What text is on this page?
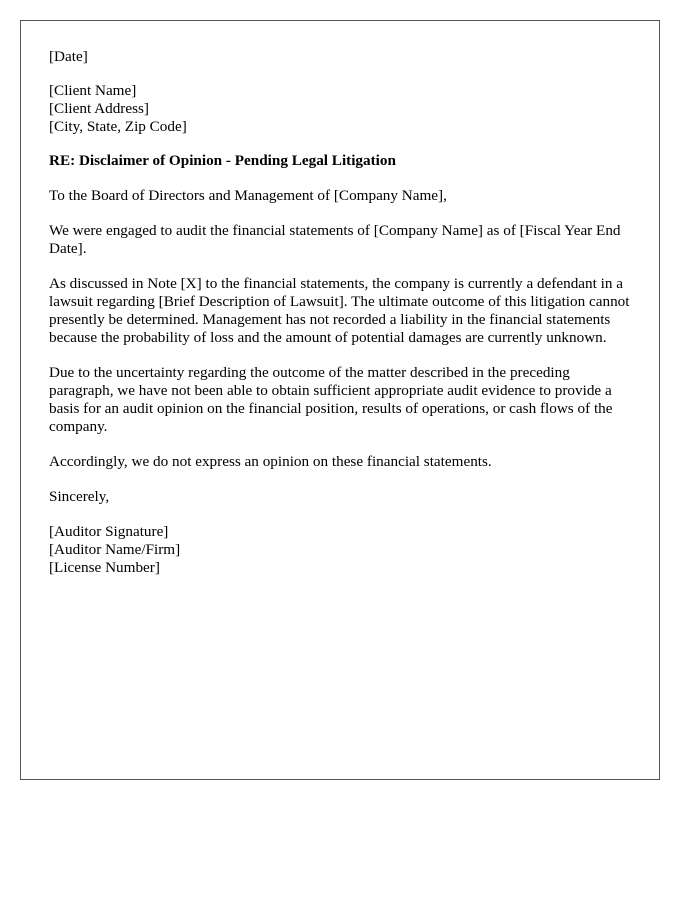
[Date]
[Client Name]
[Client Address]
[City, State, Zip Code]

RE: Disclaimer of Opinion - Pending Legal Litigation

To the Board of Directors and Management of [Company Name],

We were engaged to audit the financial statements of [Company Name] as of [Fiscal Year End Date].

As discussed in Note [X] to the financial statements, the company is currently a defendant in a lawsuit regarding [Brief Description of Lawsuit]. The ultimate outcome of this litigation cannot presently be determined. Management has not recorded a liability in the financial statements because the probability of loss and the amount of potential damages are currently unknown.

Due to the uncertainty regarding the outcome of the matter described in the preceding paragraph, we have not been able to obtain sufficient appropriate audit evidence to provide a basis for an audit opinion on the financial position, results of operations, or cash flows of the company.

Accordingly, we do not express an opinion on these financial statements.

Sincerely,

[Auditor Signature]
[Auditor Name/Firm]
[License Number]
